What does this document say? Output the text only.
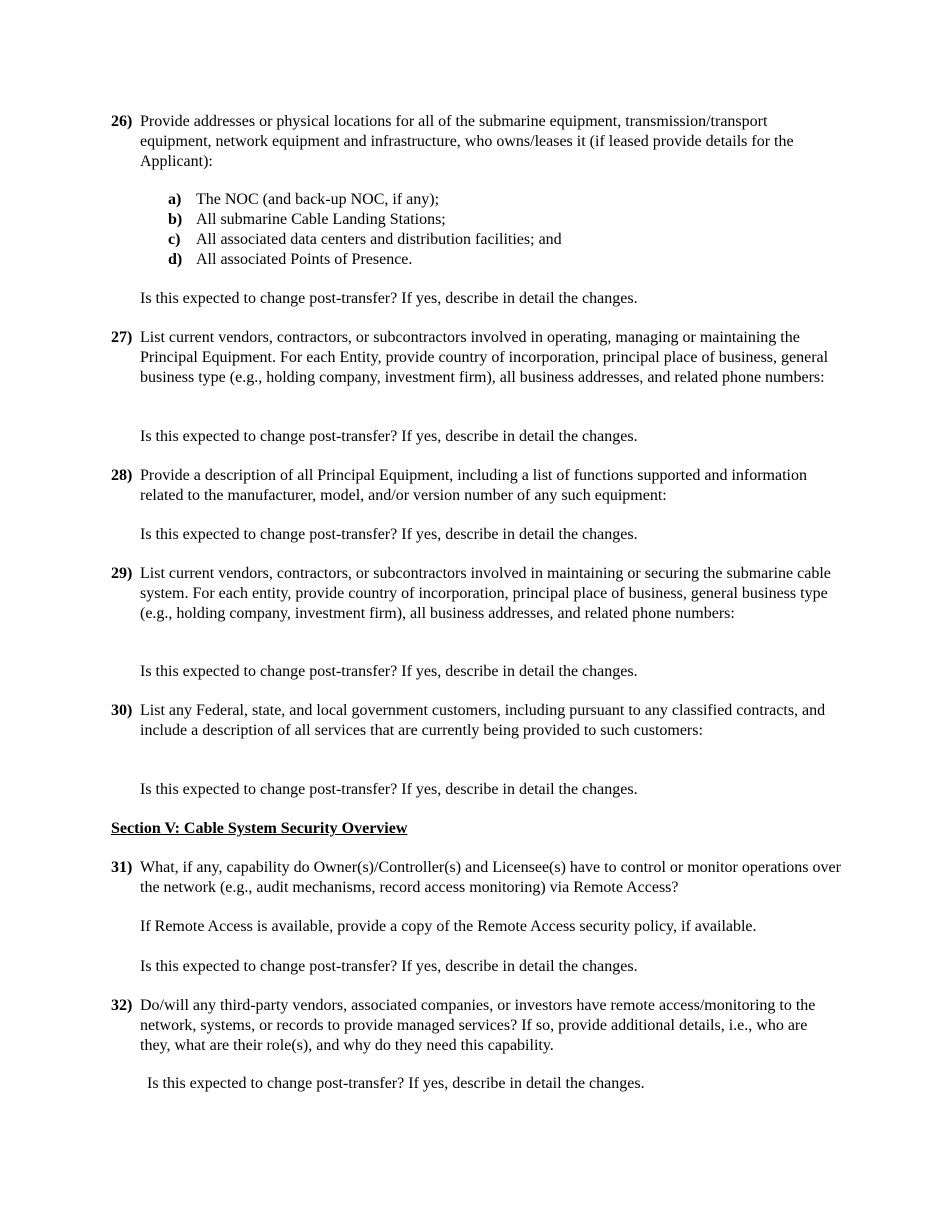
26) Provide addresses or physical locations for all of the submarine equipment, transmission/transport equipment, network equipment and infrastructure, who owns/leases it (if leased provide details for the Applicant):
a) The NOC (and back-up NOC, if any);
b) All submarine Cable Landing Stations;
c) All associated data centers and distribution facilities; and
d) All associated Points of Presence.
Is this expected to change post-transfer? If yes, describe in detail the changes.
27) List current vendors, contractors, or subcontractors involved in operating, managing or maintaining the Principal Equipment. For each Entity, provide country of incorporation, principal place of business, general business type (e.g., holding company, investment firm), all business addresses, and related phone numbers:
Is this expected to change post-transfer? If yes, describe in detail the changes.
28) Provide a description of all Principal Equipment, including a list of functions supported and information related to the manufacturer, model, and/or version number of any such equipment:
Is this expected to change post-transfer? If yes, describe in detail the changes.
29) List current vendors, contractors, or subcontractors involved in maintaining or securing the submarine cable system. For each entity, provide country of incorporation, principal place of business, general business type (e.g., holding company, investment firm), all business addresses, and related phone numbers:
Is this expected to change post-transfer? If yes, describe in detail the changes.
30) List any Federal, state, and local government customers, including pursuant to any classified contracts, and include a description of all services that are currently being provided to such customers:
Is this expected to change post-transfer? If yes, describe in detail the changes.
Section V: Cable System Security Overview
31) What, if any, capability do Owner(s)/Controller(s) and Licensee(s) have to control or monitor operations over the network (e.g., audit mechanisms, record access monitoring) via Remote Access?
If Remote Access is available, provide a copy of the Remote Access security policy, if available.
Is this expected to change post-transfer? If yes, describe in detail the changes.
32) Do/will any third-party vendors, associated companies, or investors have remote access/monitoring to the network, systems, or records to provide managed services? If so, provide additional details, i.e., who are they, what are their role(s), and why do they need this capability.
Is this expected to change post-transfer? If yes, describe in detail the changes.
